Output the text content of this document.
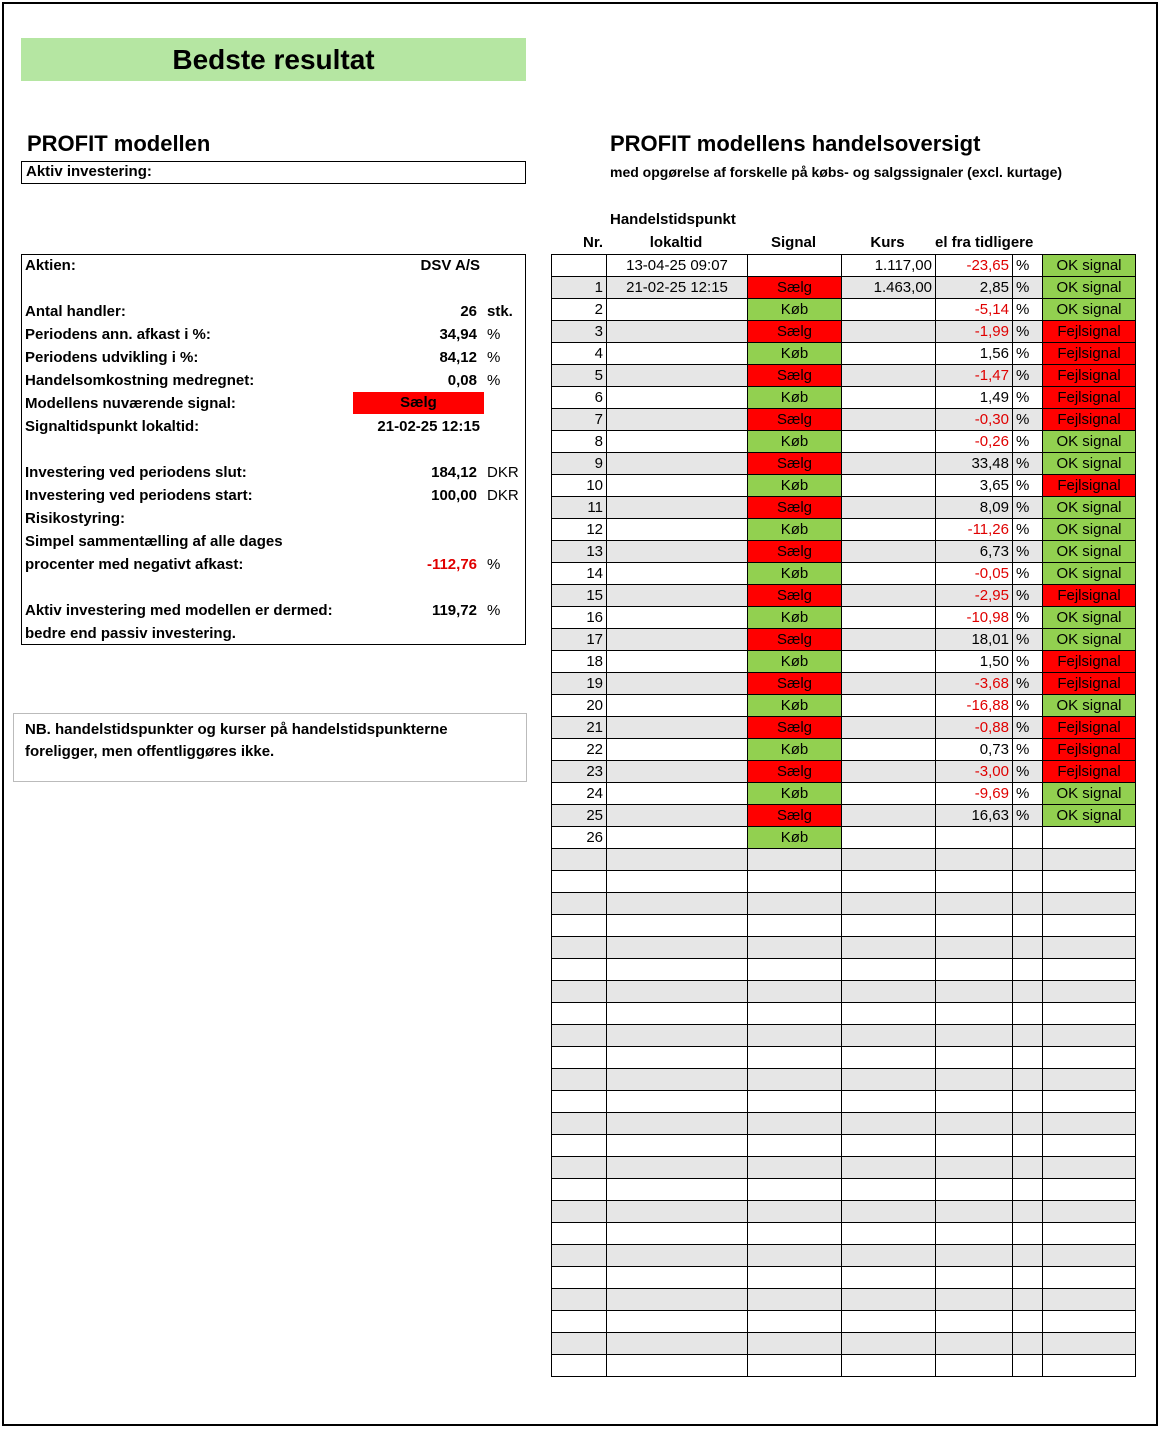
Bedste resultat
PROFIT modellen
Aktiv investering:
Aktien:	DSV A/S
Antal handler:	26 stk.
Periodens ann. afkast i %:	34,94 %
Periodens udvikling i %:	84,12 %
Handelsomkostning medregnet:	0,08 %
Modellens nuværende signal:	Sælg
Signaltidspunkt lokaltid:	21-02-25 12:15
Investering ved periodens slut:	184,12 DKR
Investering ved periodens start:	100,00 DKR
Risikostyring:
Simpel sammentælling af alle dages
procenter med negativt afkast:	-112,76 %
Aktiv investering med modellen er dermed:	119,72 %
bedre end passiv investering.
NB. handelstidspunkter og kurser på handelstidspunkterne
foreligger, men offentliggøres ikke.
PROFIT modellens handelsoversigt
med opgørelse af forskelle på købs- og salgssignaler (excl. kurtage)
Handelstidspunkt
Nr.	lokaltid	Signal	Kurs	el fra tidligere
	13-04-25 09:07		1.117,00	-23,65	%	OK signal
1	21-02-25 12:15	Sælg	1.463,00	2,85	%	OK signal
2		Køb		-5,14	%	OK signal
3		Sælg		-1,99	%	Fejlsignal
4		Køb		1,56	%	Fejlsignal
5		Sælg		-1,47	%	Fejlsignal
6		Køb		1,49	%	Fejlsignal
7		Sælg		-0,30	%	Fejlsignal
8		Køb		-0,26	%	OK signal
9		Sælg		33,48	%	OK signal
10		Køb		3,65	%	Fejlsignal
11		Sælg		8,09	%	OK signal
12		Køb		-11,26	%	OK signal
13		Sælg		6,73	%	OK signal
14		Køb		-0,05	%	OK signal
15		Sælg		-2,95	%	Fejlsignal
16		Køb		-10,98	%	OK signal
17		Sælg		18,01	%	OK signal
18		Køb		1,50	%	Fejlsignal
19		Sælg		-3,68	%	Fejlsignal
20		Køb		-16,88	%	OK signal
21		Sælg		-0,88	%	Fejlsignal
22		Køb		0,73	%	Fejlsignal
23		Sælg		-3,00	%	Fejlsignal
24		Køb		-9,69	%	OK signal
25		Sælg		16,63	%	OK signal
26		Køb				
